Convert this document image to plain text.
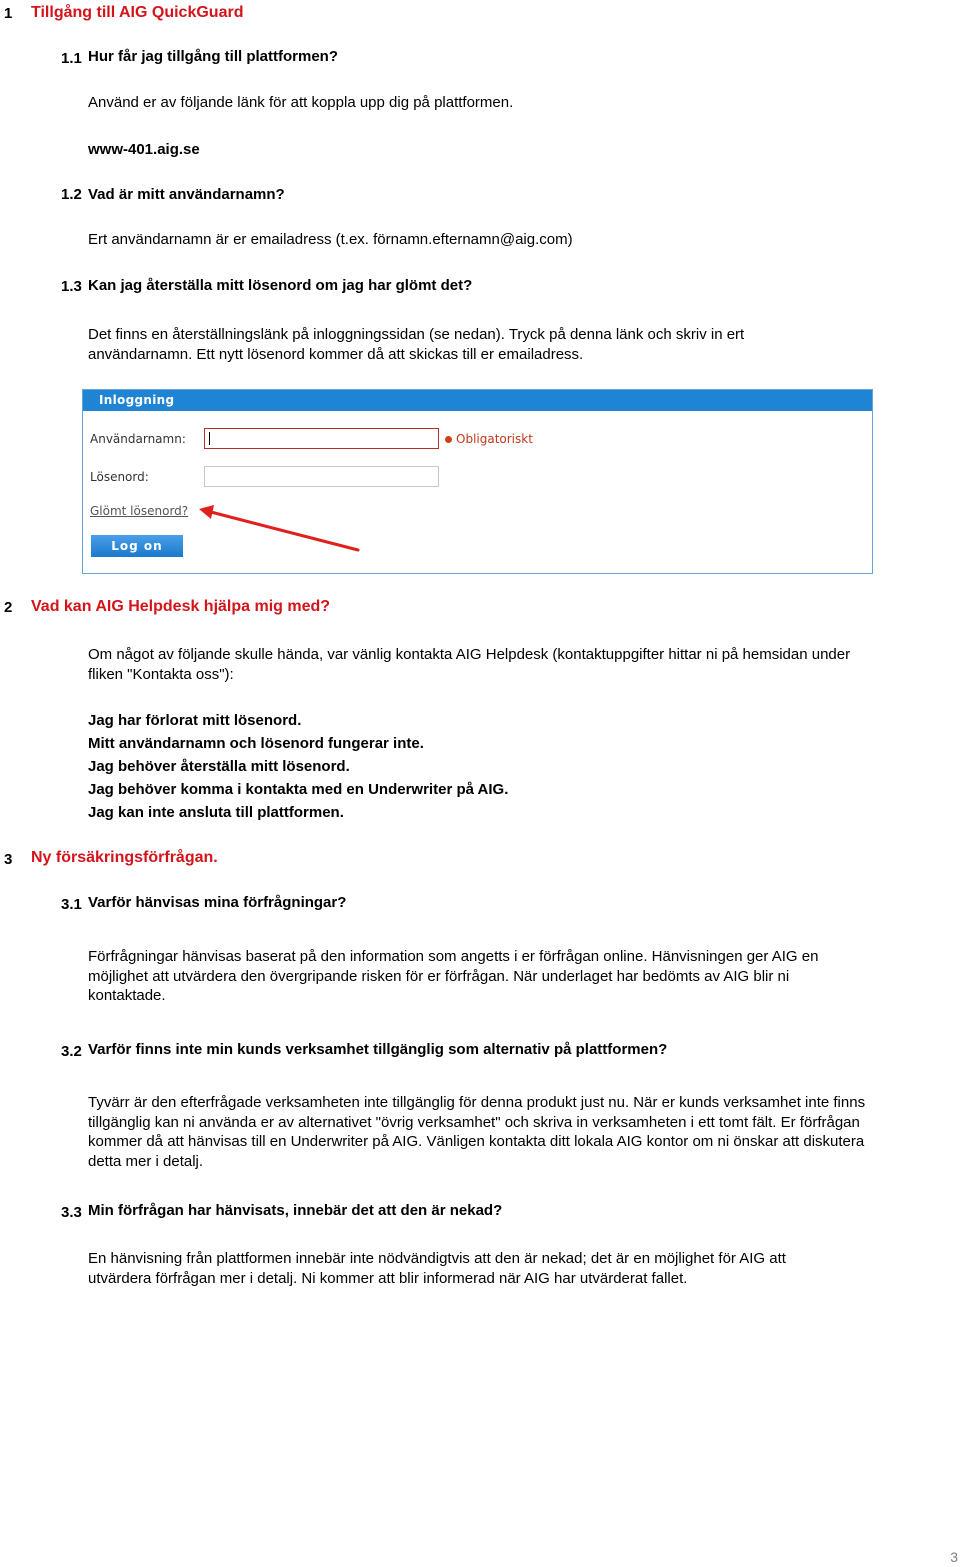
1 Tillgång till AIG QuickGuard
1.1 Hur får jag tillgång till plattformen?
Använd er av följande länk för att koppla upp dig på plattformen.
www-401.aig.se
1.2 Vad är mitt användarnamn?
Ert användarnamn är er emailadress (t.ex. förnamn.efternamn@aig.com)
1.3 Kan jag återställa mitt lösenord om jag har glömt det?
Det finns en återställningslänk på inloggningssidan (se nedan). Tryck på denna länk och skriv in ert användarnamn. Ett nytt lösenord kommer då att skickas till er emailadress.
Inloggning
Användarnamn:	Obligatoriskt
Lösenord:
Glömt lösenord?
Log on
2 Vad kan AIG Helpdesk hjälpa mig med?
Om något av följande skulle hända, var vänlig kontakta AIG Helpdesk (kontaktuppgifter hittar ni på hemsidan under fliken "Kontakta oss"):
Jag har förlorat mitt lösenord.
Mitt användarnamn och lösenord fungerar inte.
Jag behöver återställa mitt lösenord.
Jag behöver komma i kontakta med en Underwriter på AIG.
Jag kan inte ansluta till plattformen.
3 Ny försäkringsförfrågan.
3.1 Varför hänvisas mina förfrågningar?
Förfrågningar hänvisas baserat på den information som angetts i er förfrågan online. Hänvisningen ger AIG en möjlighet att utvärdera den övergripande risken för er förfrågan. När underlaget har bedömts av AIG blir ni kontaktade.
3.2 Varför finns inte min kunds verksamhet tillgänglig som alternativ på plattformen?
Tyvärr är den efterfrågade verksamheten inte tillgänglig för denna produkt just nu. När er kunds verksamhet inte finns tillgänglig kan ni använda er av alternativet "övrig verksamhet" och skriva in verksamheten i ett tomt fält. Er förfrågan kommer då att hänvisas till en Underwriter på AIG. Vänligen kontakta ditt lokala AIG kontor om ni önskar att diskutera detta mer i detalj.
3.3 Min förfrågan har hänvisats, innebär det att den är nekad?
En hänvisning från plattformen innebär inte nödvändigtvis att den är nekad; det är en möjlighet för AIG att utvärdera förfrågan mer i detalj. Ni kommer att blir informerad när AIG har utvärderat fallet.
3
